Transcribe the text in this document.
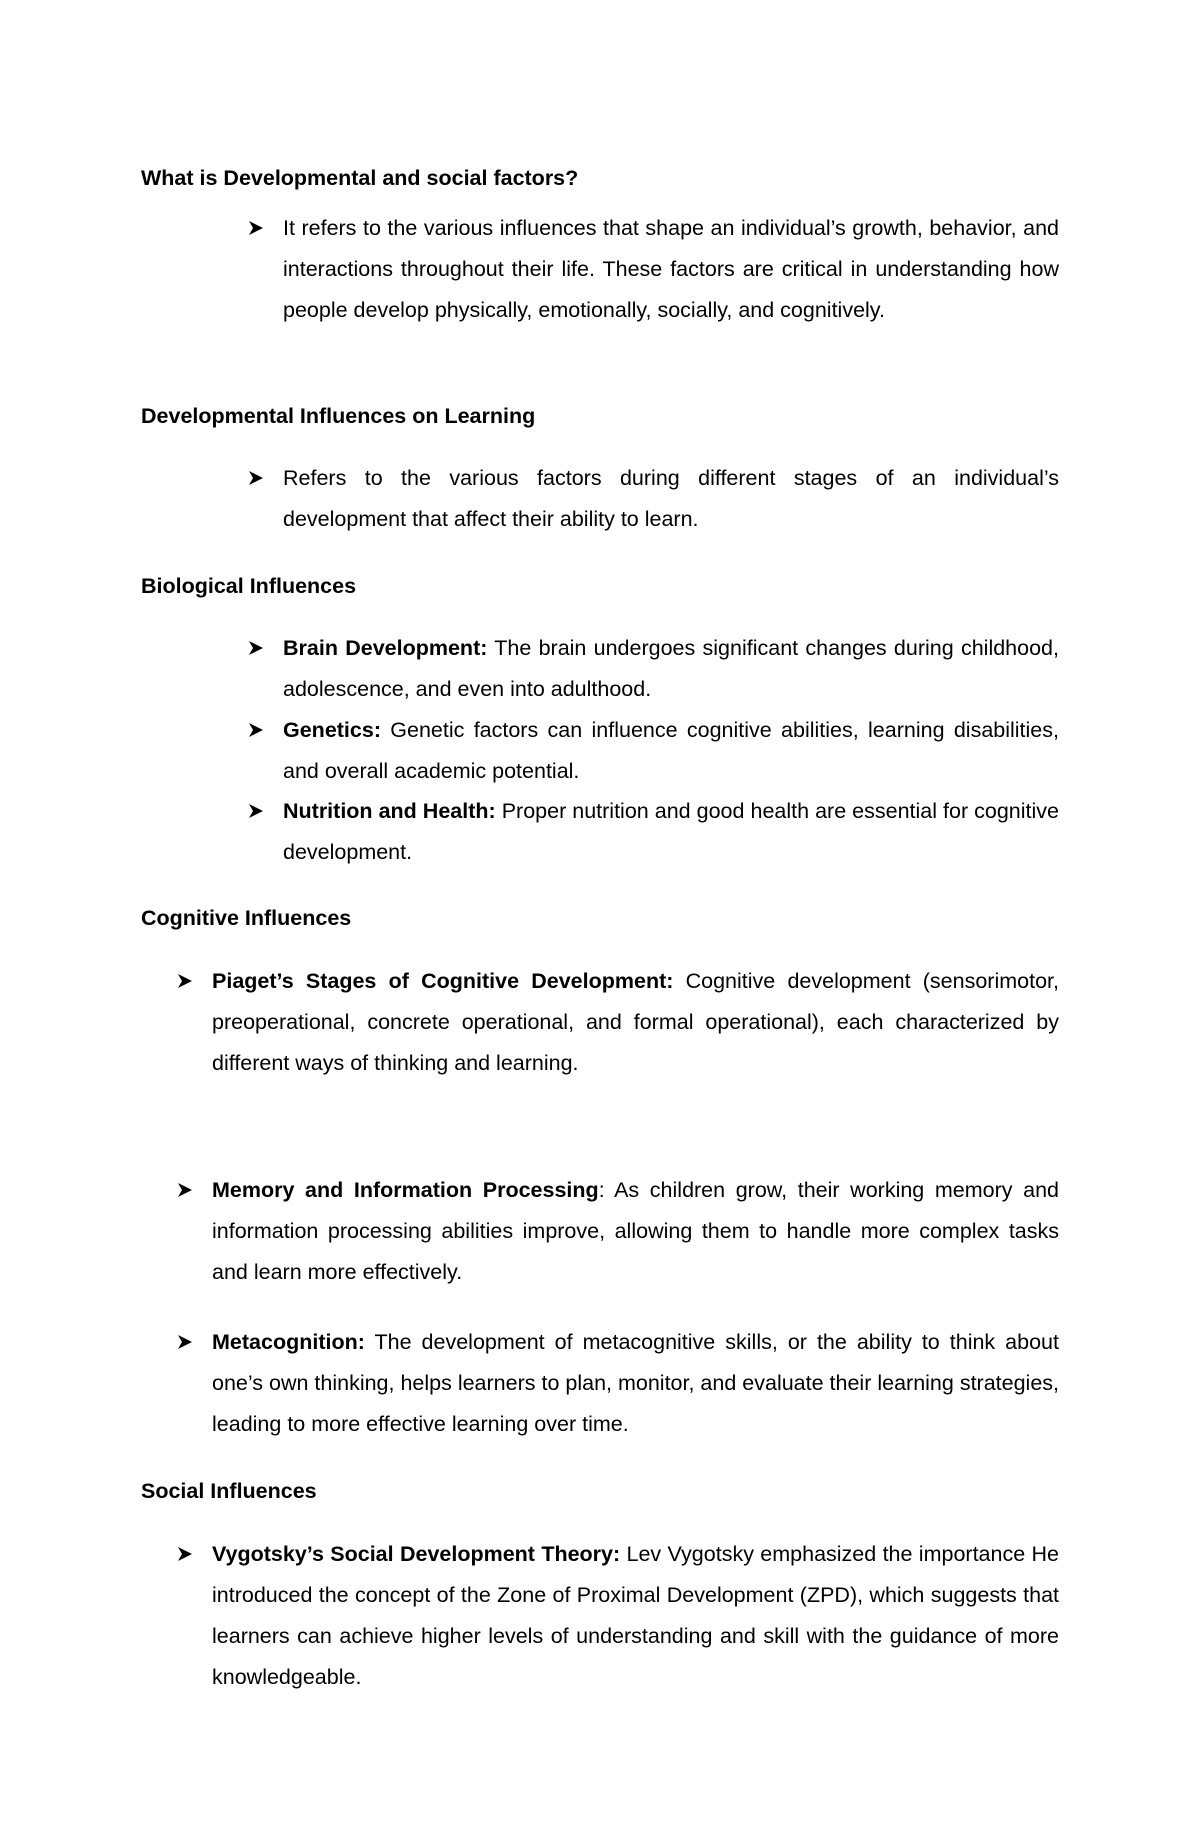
What is Developmental and social factors?
It refers to the various influences that shape an individual’s growth, behavior, and interactions throughout their life. These factors are critical in understanding how people develop physically, emotionally, socially, and cognitively.
Developmental Influences on Learning
Refers to the various factors during different stages of an individual’s development that affect their ability to learn.
Biological Influences
Brain Development: The brain undergoes significant changes during childhood, adolescence, and even into adulthood.
Genetics: Genetic factors can influence cognitive abilities, learning disabilities, and overall academic potential.
Nutrition and Health: Proper nutrition and good health are essential for cognitive development.
Cognitive Influences
Piaget’s Stages of Cognitive Development: Cognitive development (sensorimotor, preoperational, concrete operational, and formal operational), each characterized by different ways of thinking and learning.
Memory and Information Processing: As children grow, their working memory and information processing abilities improve, allowing them to handle more complex tasks and learn more effectively.
Metacognition: The development of metacognitive skills, or the ability to think about one’s own thinking, helps learners to plan, monitor, and evaluate their learning strategies, leading to more effective learning over time.
Social Influences
Vygotsky’s Social Development Theory: Lev Vygotsky emphasized the importance He introduced the concept of the Zone of Proximal Development (ZPD), which suggests that learners can achieve higher levels of understanding and skill with the guidance of more knowledgeable.
